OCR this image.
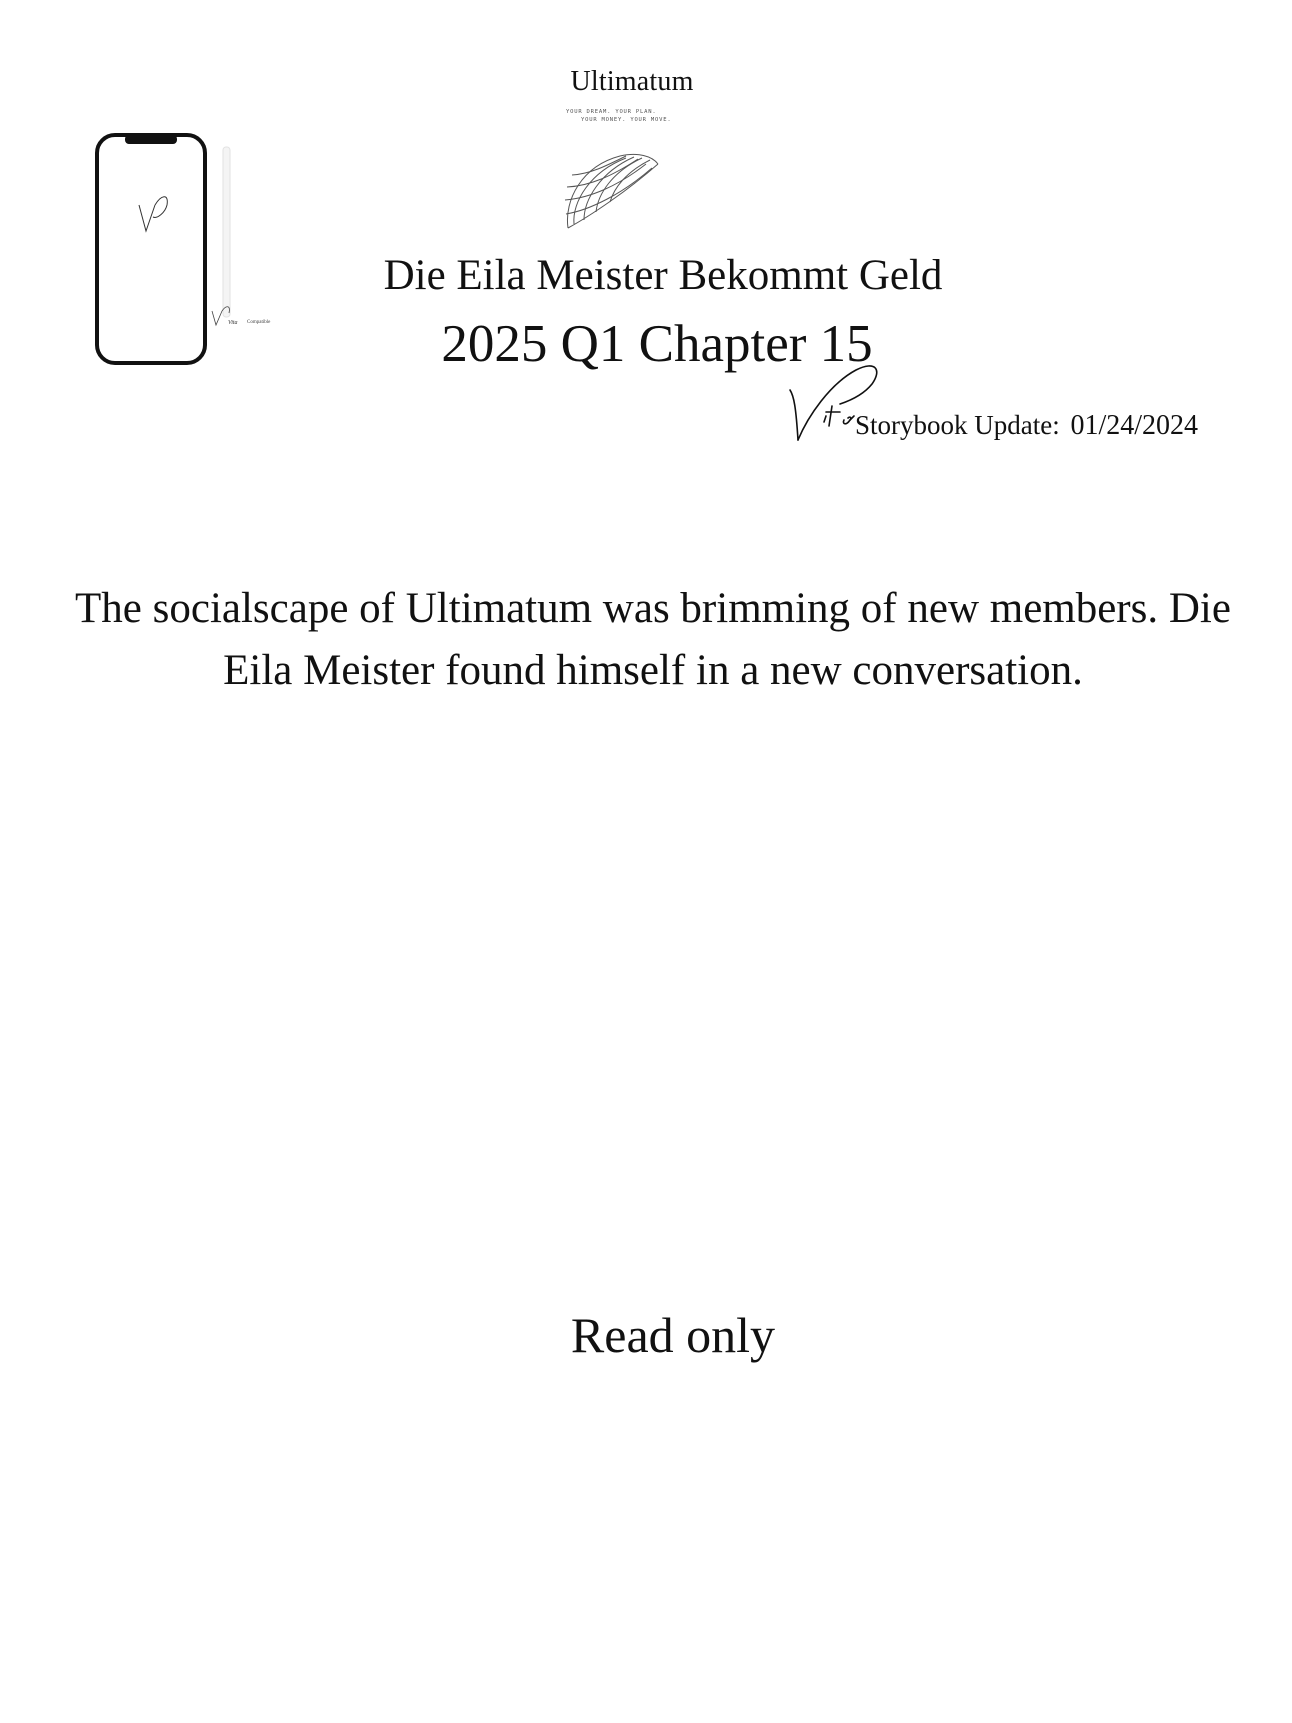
Ultimatum
YOUR DREAM. YOUR PLAN.
YOUR MONEY. YOUR MOVE.
Vita Compatible
Die Eila Meister Bekommt Geld
2025 Q1 Chapter 15
Storybook Update: 01/24/2024
The socialscape of Ultimatum was brimming of new members. Die Eila Meister found himself in a new conversation.
Read only
